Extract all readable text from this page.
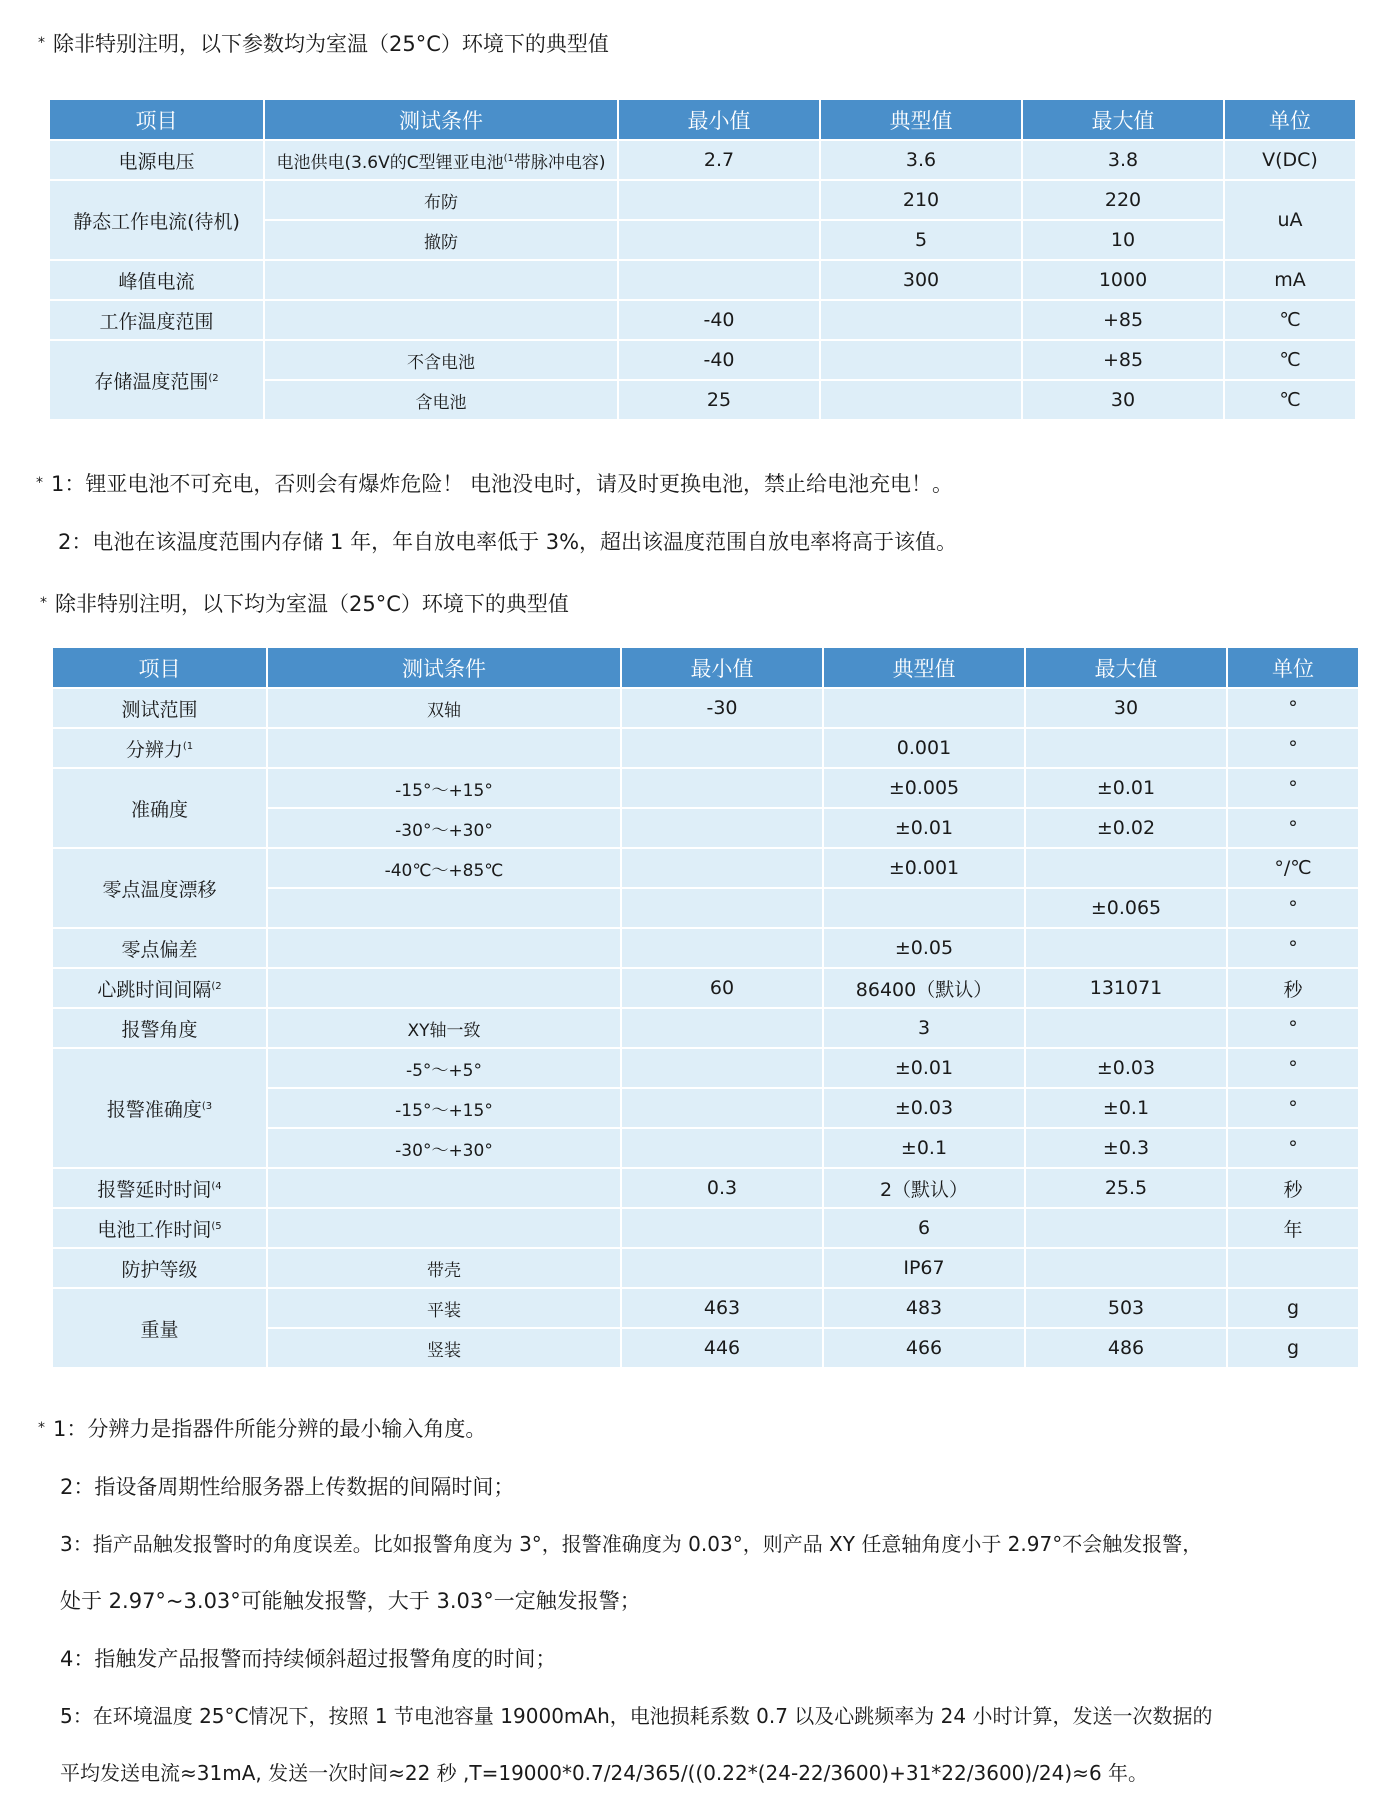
* 除非特别注明，以下参数均为室温（25°C）环境下的典型值
项目	测试条件	最小值	典型值	最大值	单位
电源电压	电池供电(3.6V的C型锂亚电池$^{(1}$带脉冲电容)	2.7	3.6	3.8	V(DC)
静态工作电流(待机)	布防		210	220	uA
	撤防		5	10	
峰值电流			300	1000	mA
工作温度范围		-40		+85	℃
存储温度范围$^{(2}$	不含电池	-40		+85	℃
	含电池	25		30	℃
* 1：锂亚电池不可充电，否则会有爆炸危险！ 电池没电时，请及时更换电池，禁止给电池充电！。
2：电池在该温度范围内存储 1 年，年自放电率低于 3%，超出该温度范围自放电率将高于该值。
* 除非特别注明，以下均为室温（25°C）环境下的典型值
项目	测试条件	最小值	典型值	最大值	单位
测试范围	双轴	-30		30	°
分辨力$^{(1}$			0.001		°
准确度	-15°～+15°		±0.005	±0.01	°
	-30°～+30°		±0.01	±0.02	°
零点温度漂移	-40℃～+85℃		±0.001		°/℃
				±0.065	°
零点偏差			±0.05		°
心跳时间间隔$^{(2}$		60	86400（默认）	131071	秒
报警角度	XY轴一致		3		°
报警准确度$^{(3}$	-5°～+5°		±0.01	±0.03	°
	-15°～+15°		±0.03	±0.1	°
	-30°～+30°		±0.1	±0.3	°
报警延时时间$^{(4}$		0.3	2（默认）	25.5	秒
电池工作时间$^{(5}$			6		年
防护等级	带壳		IP67		
重量	平装	463	483	503	g
	竖装	446	466	486	g
* 1：分辨力是指器件所能分辨的最小输入角度。
2：指设备周期性给服务器上传数据的间隔时间；
3：指产品触发报警时的角度误差。比如报警角度为 3°，报警准确度为 0.03°，则产品 XY 任意轴角度小于 2.97°不会触发报警，
处于 2.97°~3.03°可能触发报警，大于 3.03°一定触发报警；
4：指触发产品报警而持续倾斜超过报警角度的时间；
5：在环境温度 25°C情况下，按照 1 节电池容量 19000mAh，电池损耗系数 0.7 以及心跳频率为 24 小时计算，发送一次数据的
平均发送电流≈31mA, 发送一次时间≈22 秒 ,T=19000*0.7/24/365/((0.22*(24-22/3600)+31*22/3600)/24)≈6 年。
